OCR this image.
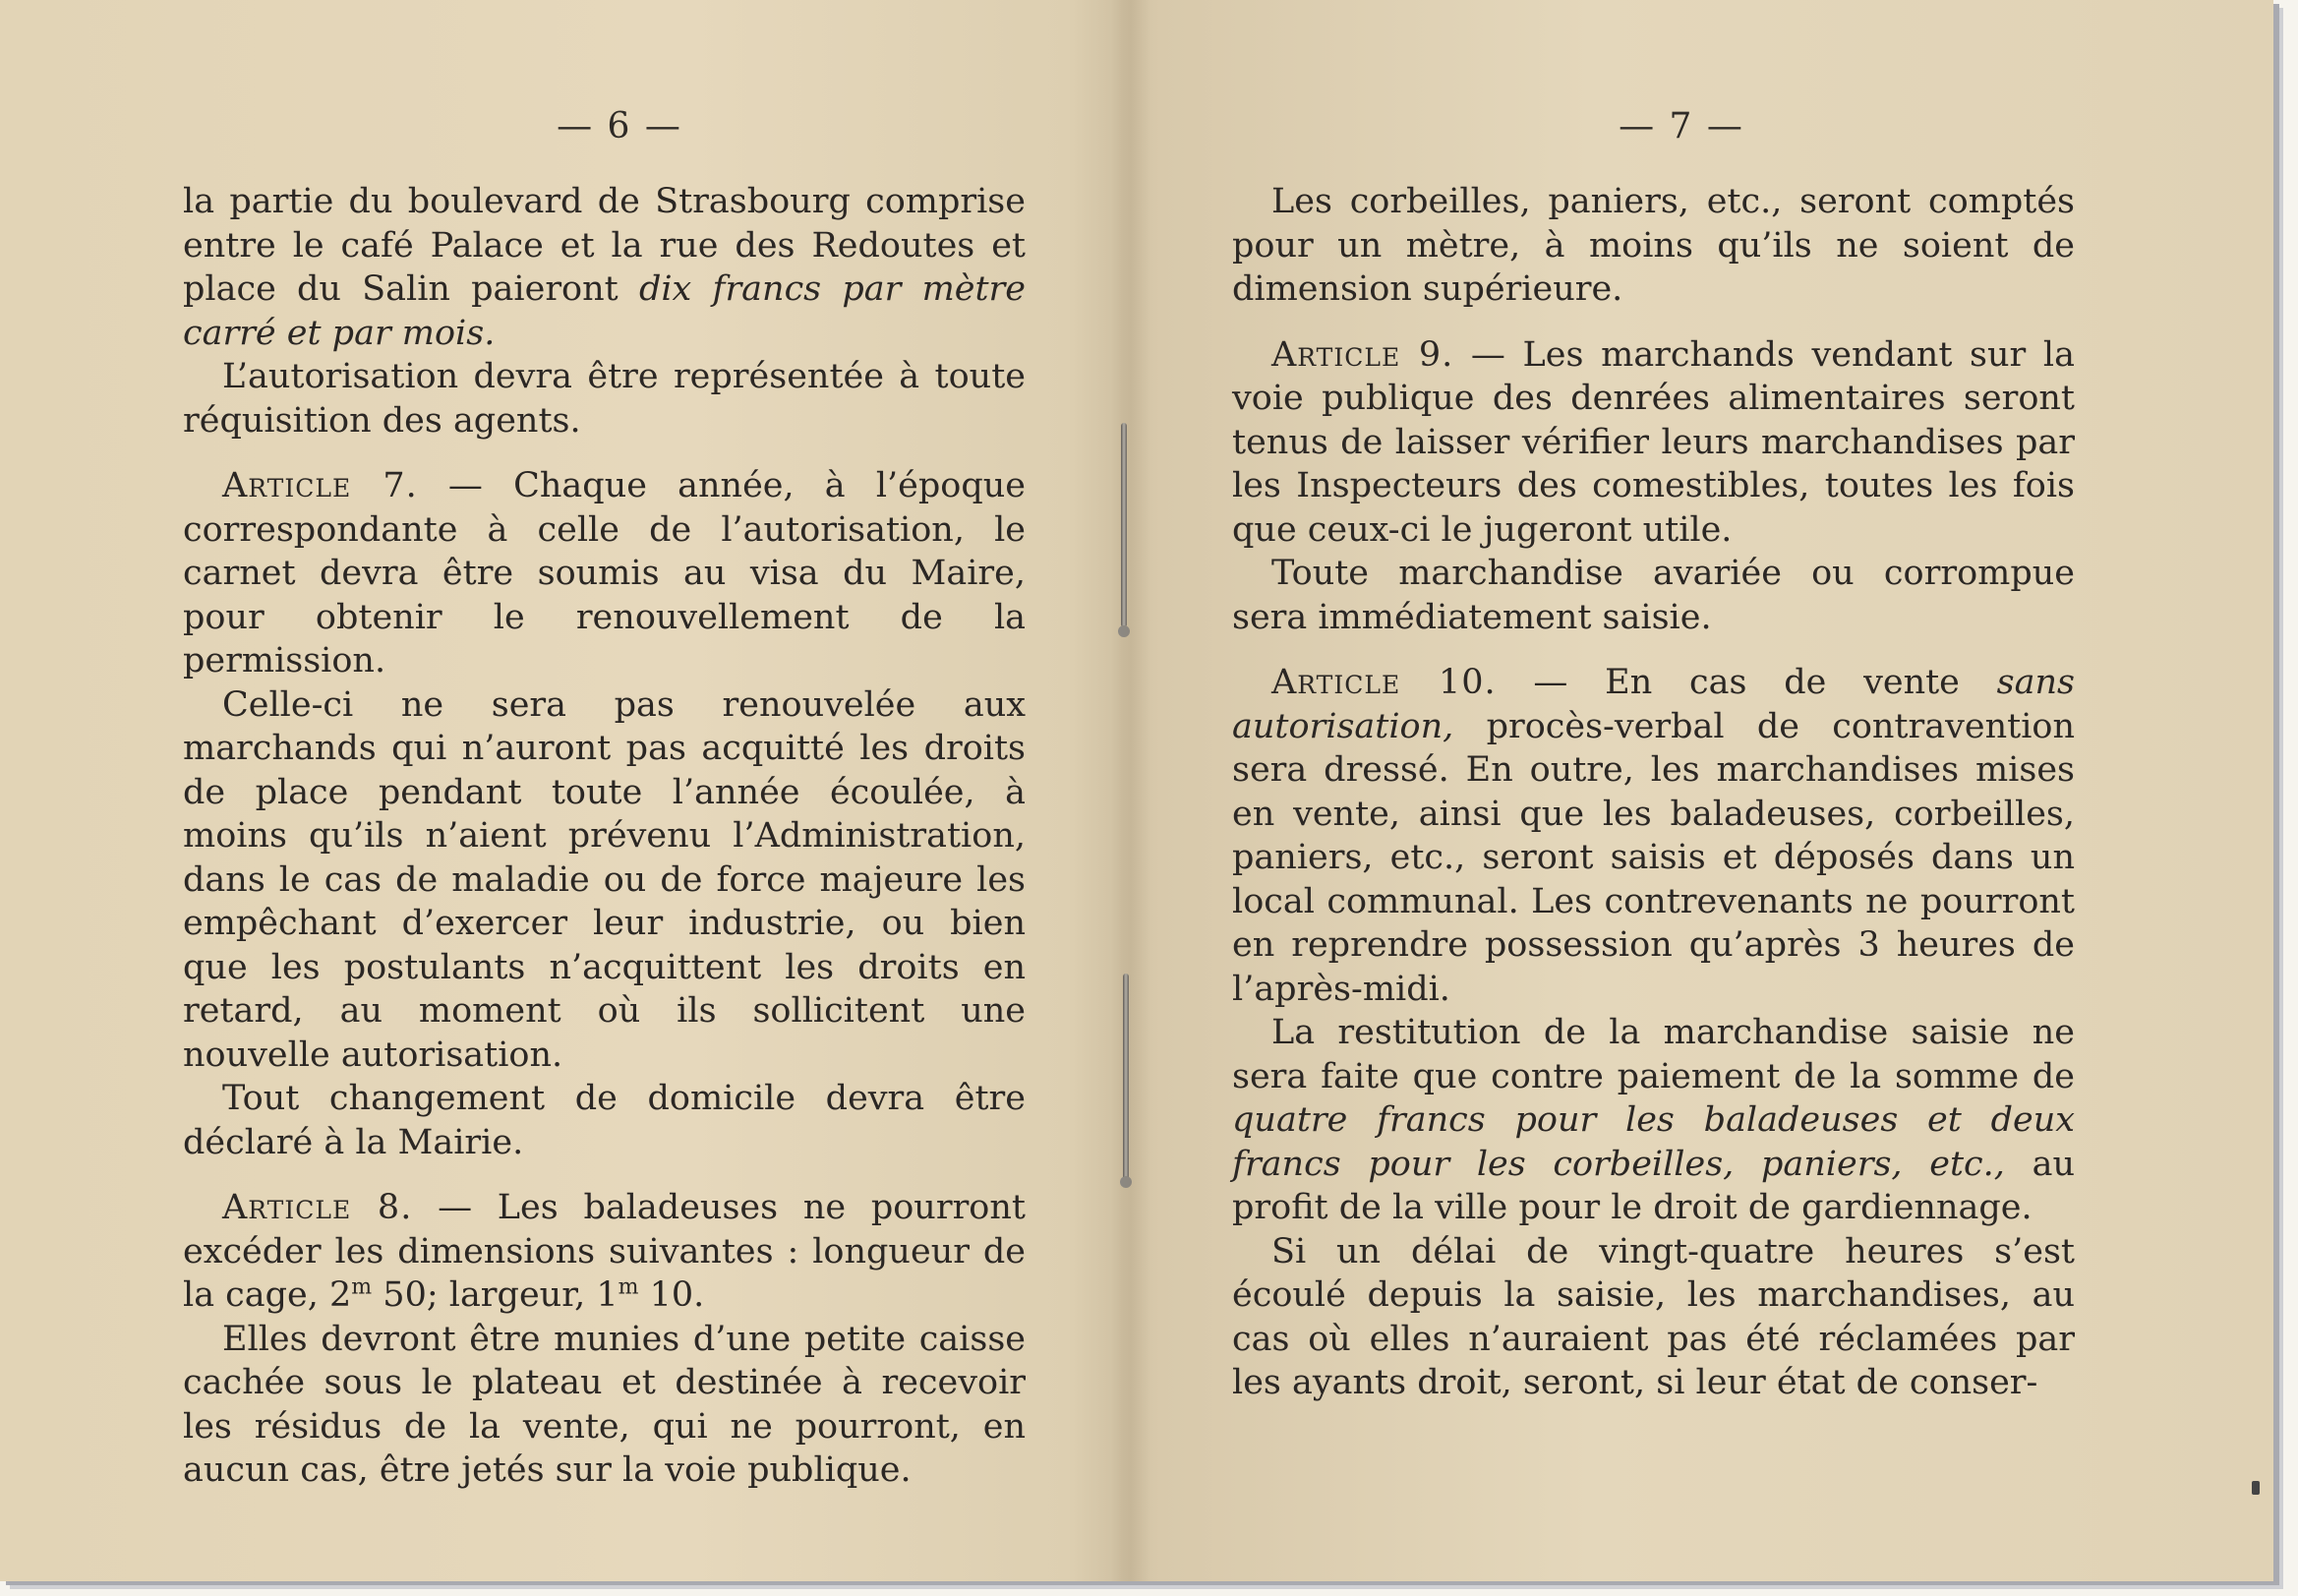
— 6 —

la partie du boulevard de Strasbourg comprise entre le café Palace et la rue des Redoutes et place du Salin paieront dix francs par mètre carré et par mois.

L’autorisation devra être représentée à toute réquisition des agents.

Article 7. — Chaque année, à l’époque correspondante à celle de l’autorisation, le carnet devra être soumis au visa du Maire, pour obtenir le renouvellement de la permission.

Celle-ci ne sera pas renouvelée aux marchands qui n’auront pas acquitté les droits de place pendant toute l’année écoulée, à moins qu’ils n’aient prévenu l’Administration, dans le cas de maladie ou de force majeure les empêchant d’exercer leur industrie, ou bien que les postulants n’acquittent les droits en retard, au moment où ils sollicitent une nouvelle autorisation.

Tout changement de domicile devra être déclaré à la Mairie.

Article 8. — Les baladeuses ne pourront excéder les dimensions suivantes : longueur de la cage, 2$^m$ 50; largeur, 1$^m$ 10.

Elles devront être munies d’une petite caisse cachée sous le plateau et destinée à recevoir les résidus de la vente, qui ne pourront, en aucun cas, être jetés sur la voie publique.

— 7 —

Les corbeilles, paniers, etc., seront comptés pour un mètre, à moins qu’ils ne soient de dimension supérieure.

Article 9. — Les marchands vendant sur la voie publique des denrées alimentaires seront tenus de laisser vérifier leurs marchandises par les Inspecteurs des comestibles, toutes les fois que ceux-ci le jugeront utile.

Toute marchandise avariée ou corrompue sera immédiatement saisie.

Article 10. — En cas de vente sans autorisation, procès-verbal de contravention sera dressé. En outre, les marchandises mises en vente, ainsi que les baladeuses, corbeilles, paniers, etc., seront saisis et déposés dans un local communal. Les contrevenants ne pourront en reprendre possession qu’après 3 heures de l’après-midi.

La restitution de la marchandise saisie ne sera faite que contre paiement de la somme de quatre francs pour les baladeuses et deux francs pour les corbeilles, paniers, etc., au profit de la ville pour le droit de gardiennage.

Si un délai de vingt-quatre heures s’est écoulé depuis la saisie, les marchandises, au cas où elles n’auraient pas été réclamées par les ayants droit, seront, si leur état de conser-
